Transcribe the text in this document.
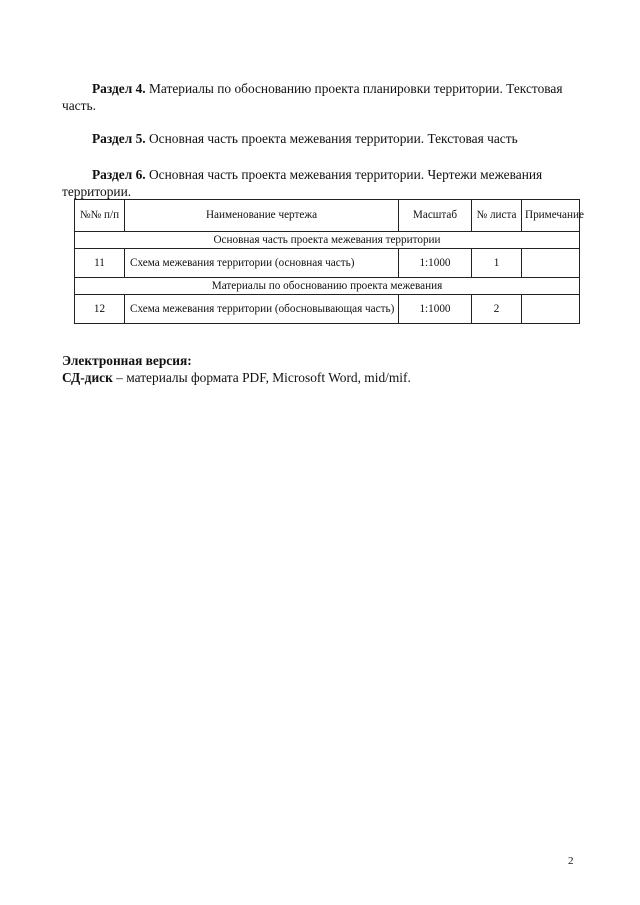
Раздел 4. Материалы по обоснованию проекта планировки территории. Текстовая часть.
Раздел 5. Основная часть проекта межевания территории. Текстовая часть
Раздел 6. Основная часть проекта межевания территории. Чертежи межевания территории.
№№ п/п	Наименование чертежа	Масштаб	№ листа	Примечание
Основная часть проекта межевания территории				
11	Схема межевания территории (основная часть)	1:1000	1	
Материалы по обоснованию проекта межевания				
12	Схема межевания территории (обосновывающая часть)	1:1000	2	
Электронная версия:
СД-диск – материалы формата PDF, Microsoft Word, mid/mif.
2
